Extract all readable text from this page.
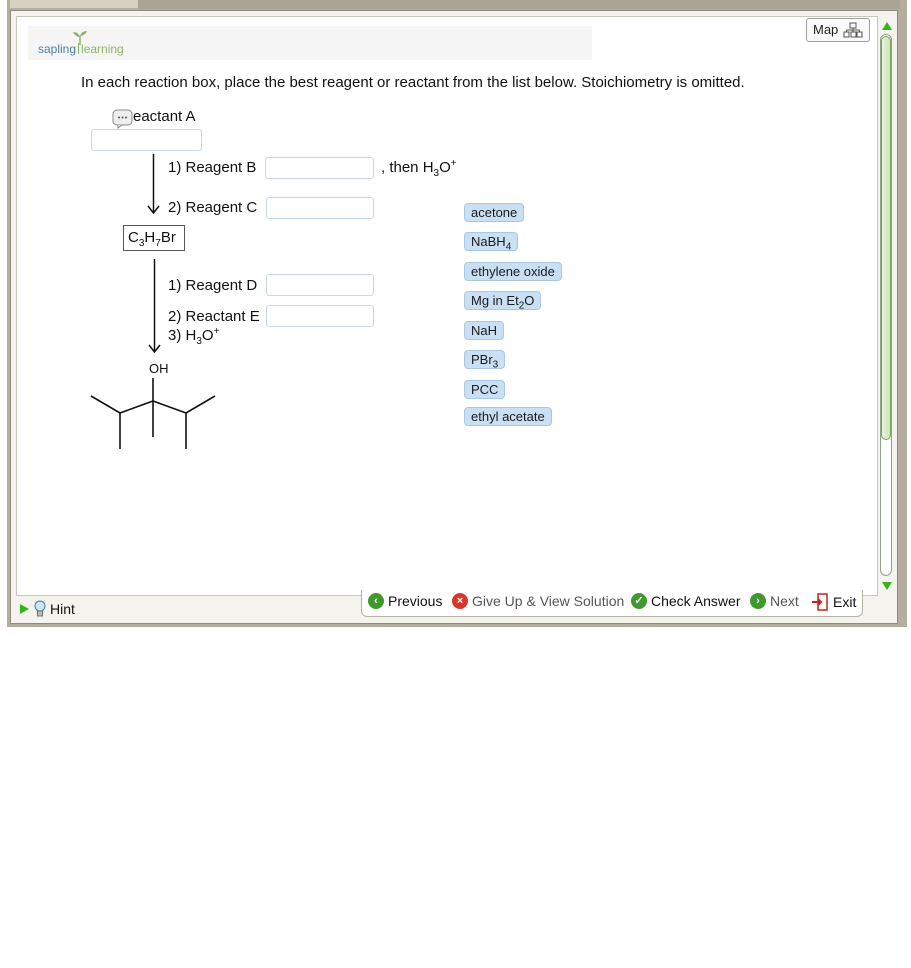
sapling learning
Map
In each reaction box, place the best reagent or reactant from the list below. Stoichiometry is omitted.
eactant A
1) Reagent B	, then $H_3O^+$
2) Reagent C
$C_3H_7Br$
1) Reagent D
2) Reactant E
3) $H_3O^+$
OH
acetone
NaBH$_4$
ethylene oxide
Mg in $Et_2O$
NaH
PBr$_3$
PCC
ethyl acetate
Hint	‹ Previous	× Give Up & View Solution ✓ Check Answer	› Next Exit
